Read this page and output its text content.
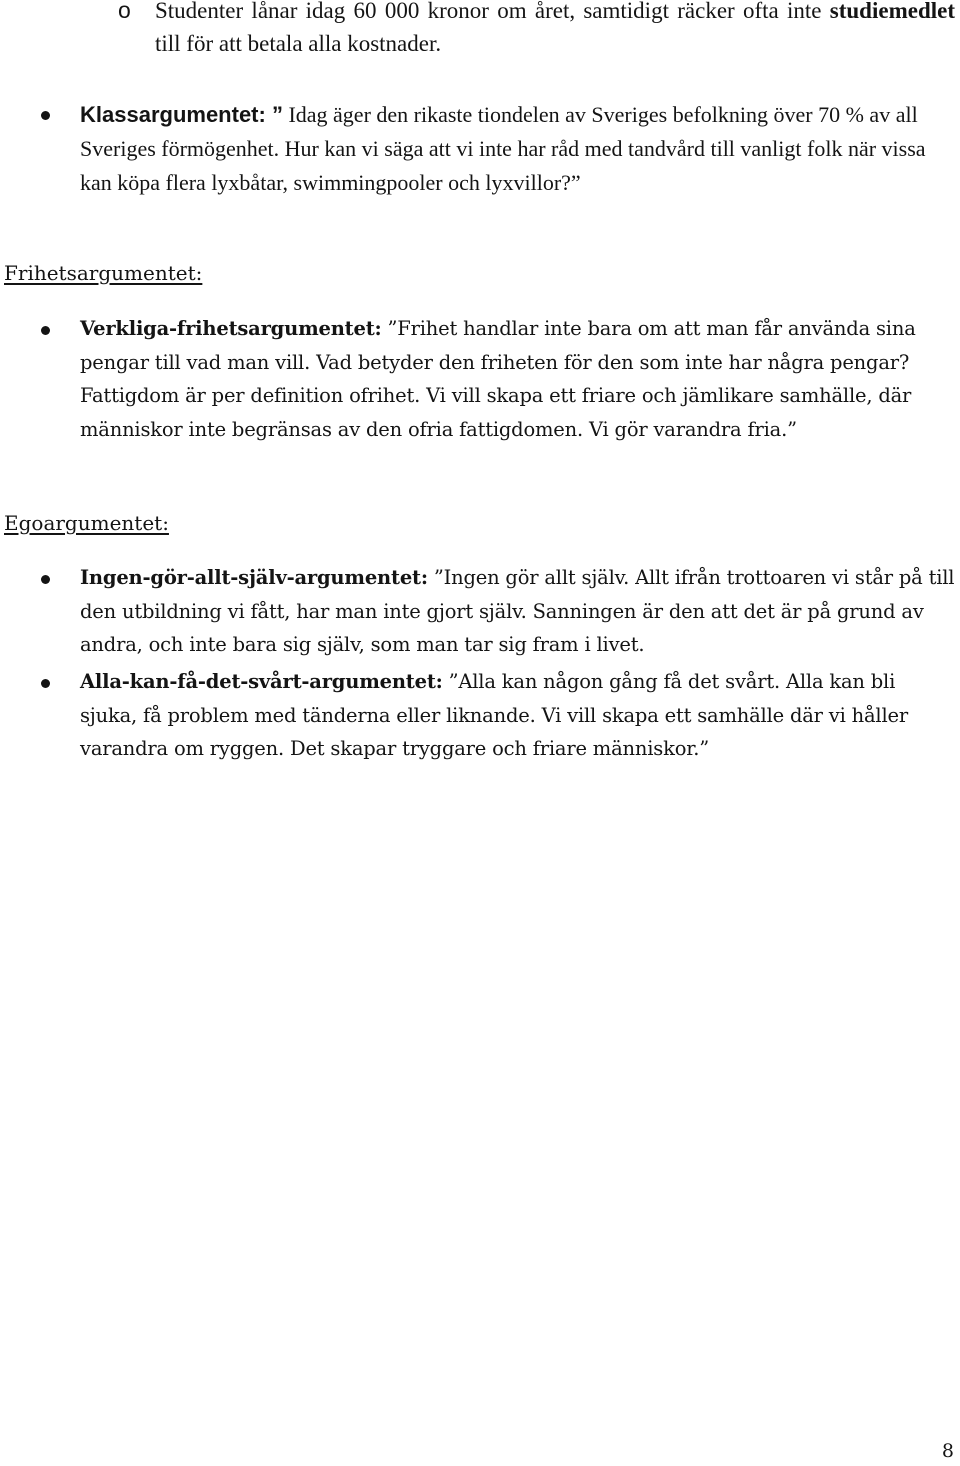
o Studenter lånar idag 60 000 kronor om året, samtidigt räcker ofta inte studiemedlet till för att betala alla kostnader.
Klassargumentet: ” Idag äger den rikaste tiondelen av Sveriges befolkning över 70 % av all Sveriges förmögenhet. Hur kan vi säga att vi inte har råd med tandvård till vanligt folk när vissa kan köpa flera lyxbåtar, swimmingpooler och lyxvillor?”
Frihetsargumentet:
Verkliga-frihetsargumentet: ”Frihet handlar inte bara om att man får använda sina pengar till vad man vill. Vad betyder den friheten för den som inte har några pengar? Fattigdom är per definition ofrihet. Vi vill skapa ett friare och jämlikare samhälle, där människor inte begränsas av den ofria fattigdomen. Vi gör varandra fria.”
Egoargumentet:
Ingen-gör-allt-själv-argumentet: ”Ingen gör allt själv. Allt ifrån trottoaren vi står på till den utbildning vi fått, har man inte gjort själv. Sanningen är den att det är på grund av andra, och inte bara sig själv, som man tar sig fram i livet.
Alla-kan-få-det-svårt-argumentet: ”Alla kan någon gång få det svårt. Alla kan bli sjuka, få problem med tänderna eller liknande. Vi vill skapa ett samhälle där vi håller varandra om ryggen. Det skapar tryggare och friare människor.”
8
